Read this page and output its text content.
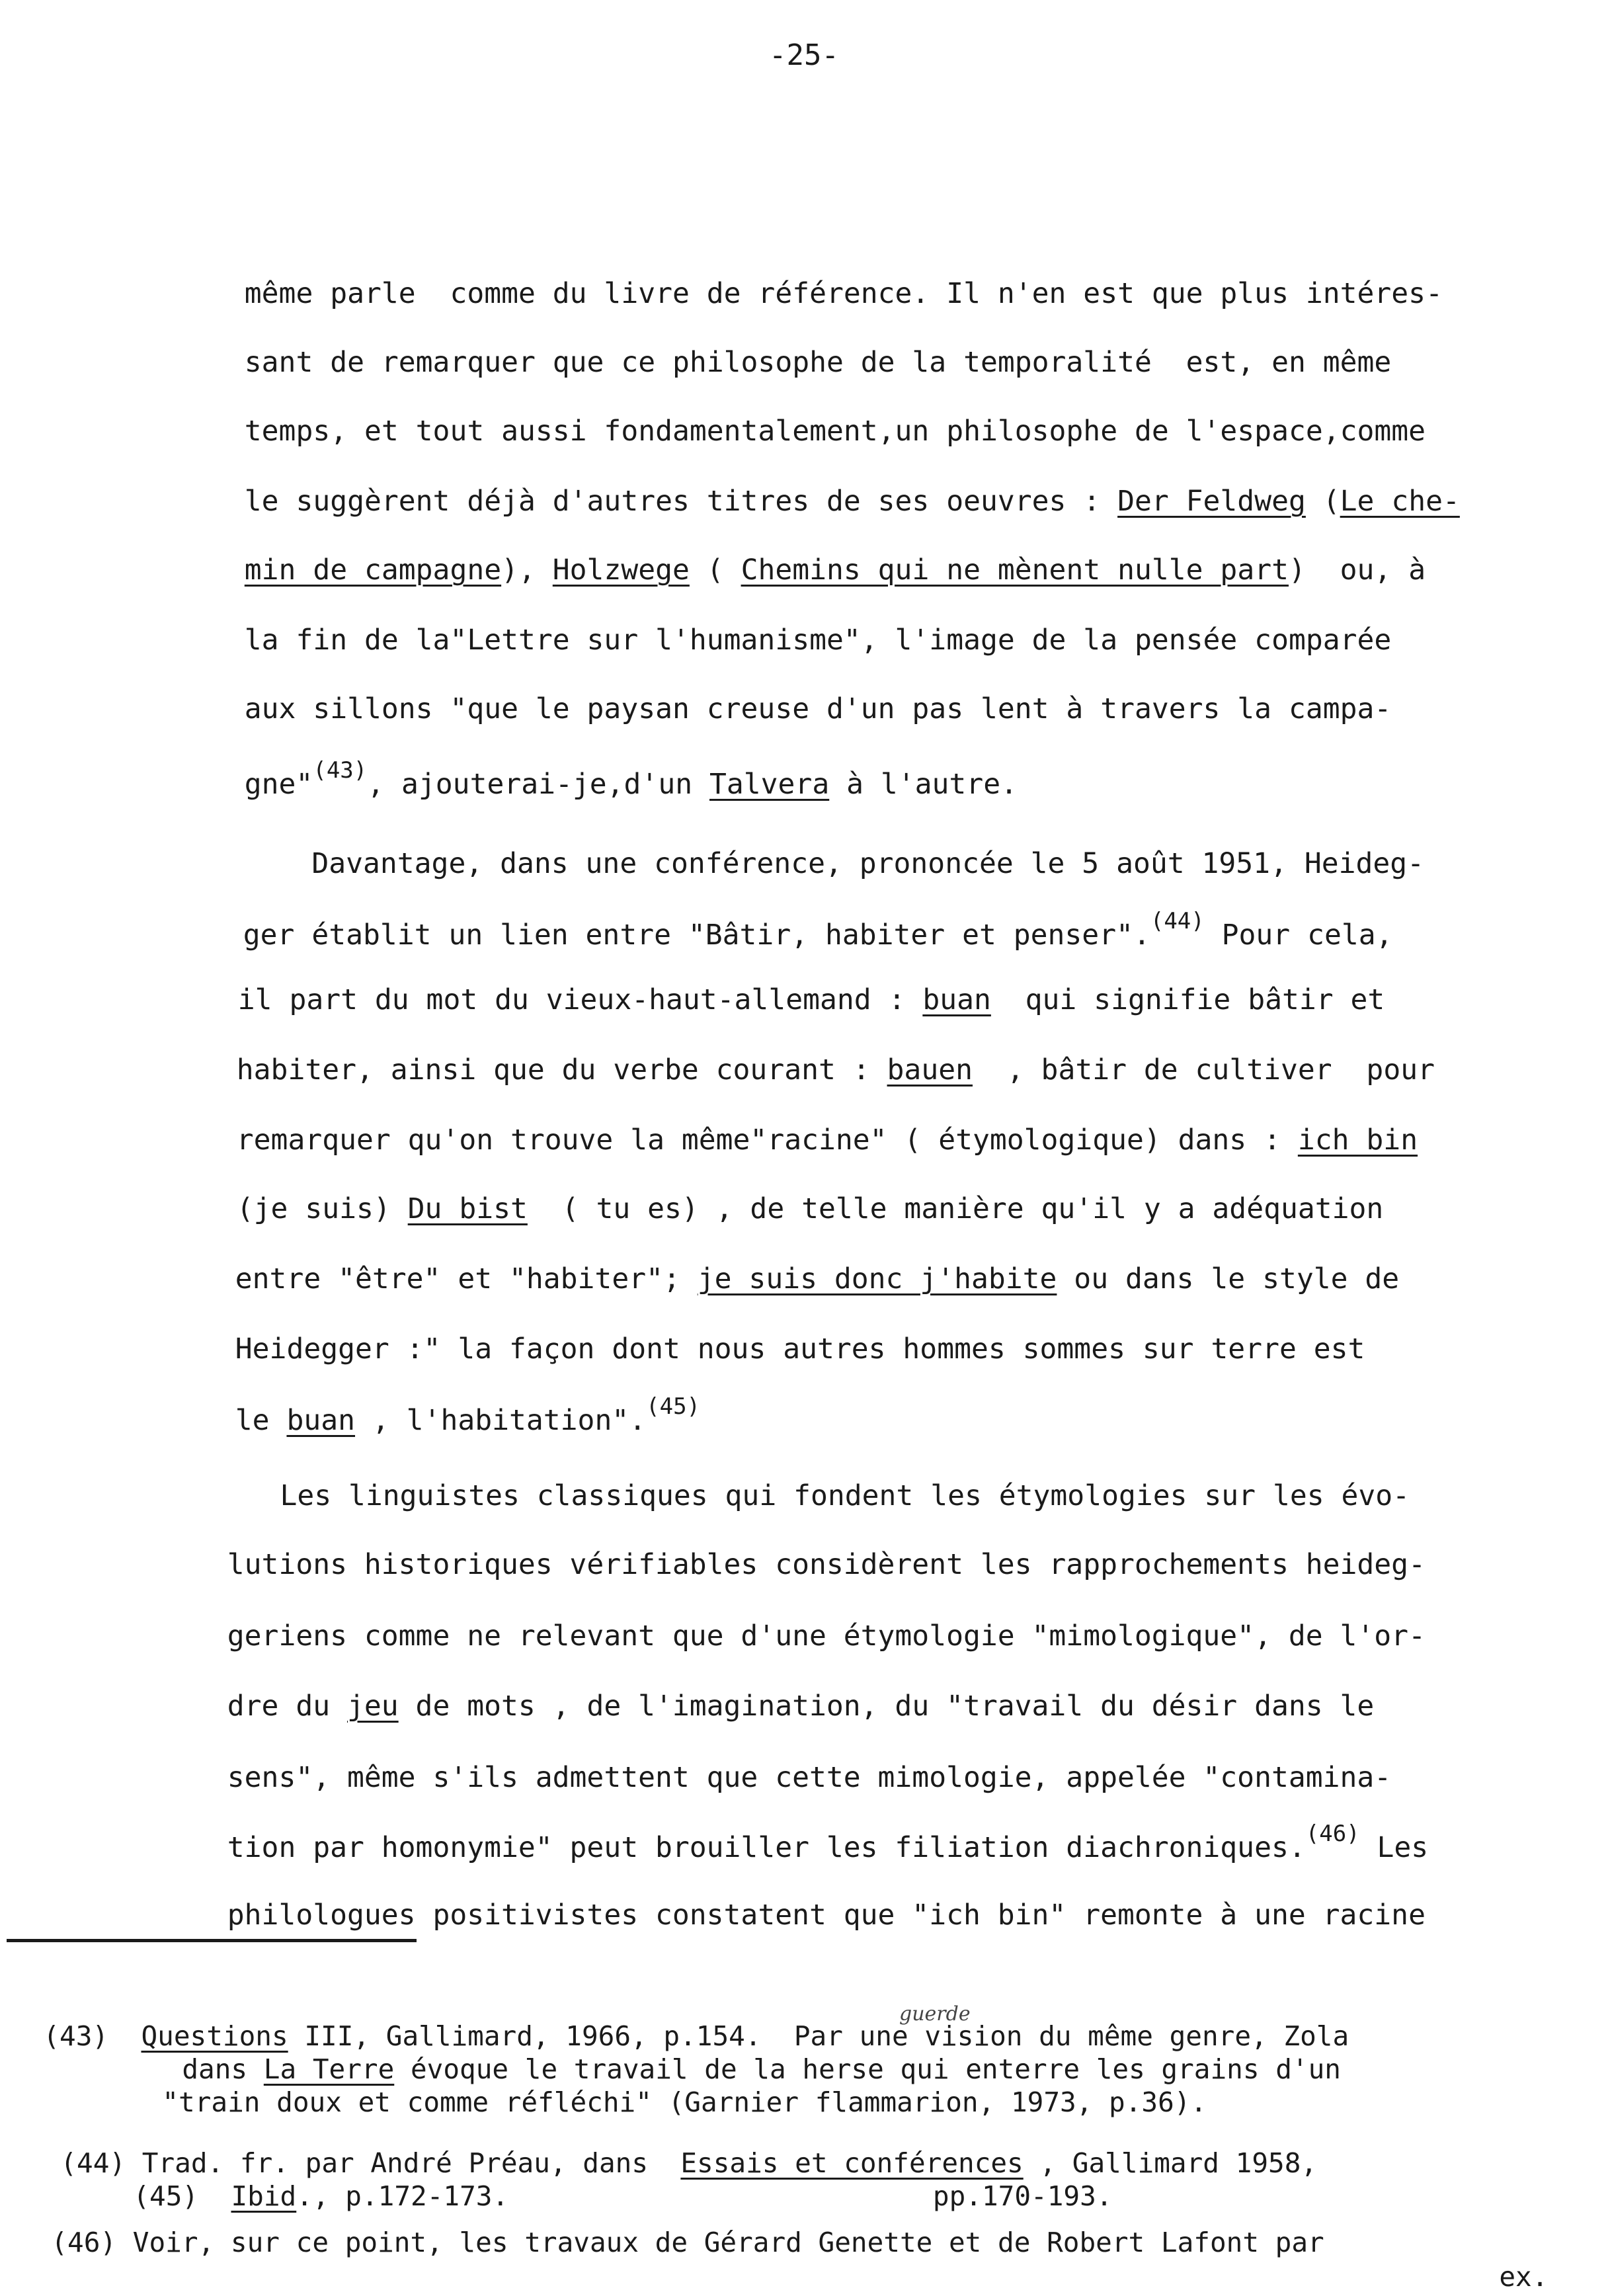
-25-

même parle  comme du livre de référence. Il n'en est que plus intéres-

sant de remarquer que ce philosophe de la temporalité  est, en même

temps, et tout aussi fondamentalement,un philosophe de l'espace,comme

le suggèrent déjà d'autres titres de ses oeuvres : Der Feldweg (Le che-

min de campagne), Holzwege ( Chemins qui ne mènent nulle part)  ou, à

la fin de la"Lettre sur l'humanisme", l'image de la pensée comparée

aux sillons "que le paysan creuse d'un pas lent à travers la campa-

gne"$^{(43)}$, ajouterai-je,d'un Talvera à l'autre.

Davantage, dans une conférence, prononcée le 5 août 1951, Heideg-

ger établit un lien entre "Bâtir, habiter et penser".$^{(44)}$ Pour cela,

il part du mot du vieux-haut-allemand : buan  qui signifie bâtir et

habiter, ainsi que du verbe courant : bauen  , bâtir de cultiver  pour

remarquer qu'on trouve la même"racine" ( étymologique) dans : ich bin

(je suis) Du bist  ( tu es) , de telle manière qu'il y a adéquation

entre "être" et "habiter"; je suis donc j'habite ou dans le style de

Heidegger :" la façon dont nous autres hommes sommes sur terre est

le buan , l'habitation".$^{(45)}$

Les linguistes classiques qui fondent les étymologies sur les évo-

lutions historiques vérifiables considèrent les rapprochements heideg-

geriens comme ne relevant que d'une étymologie "mimologique", de l'or-

dre du jeu de mots , de l'imagination, du "travail du désir dans le

sens", même s'ils admettent que cette mimologie, appelée "contamina-

tion par homonymie" peut brouiller les filiation diachroniques.$^{(46)}$ Les

philologues positivistes constatent que "ich bin" remonte à une racine

(43)  Questions III, Gallimard, 1966, p.154.  Par une vision du même genre, Zola

dans La Terre évoque le travail de la herse qui enterre les grains d'un

"train doux et comme réfléchi" (Garnier flammarion, 1973, p.36).

(44) Trad. fr. par André Préau, dans  Essais et conférences , Gallimard 1958,

(45)  Ibid., p.172-173.                          pp.170-193.

(46) Voir, sur ce point, les travaux de Gérard Genette et de Robert Lafont par

ex.

guerde
